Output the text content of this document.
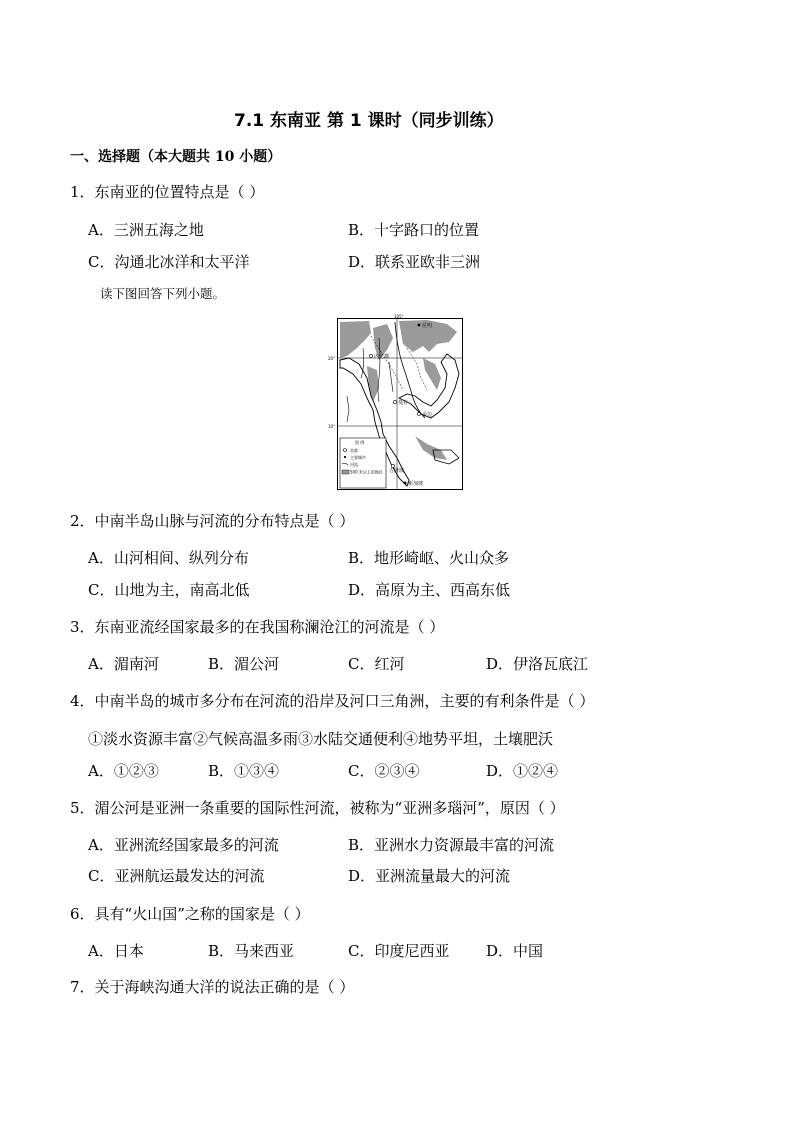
7.1 东南亚 第 1 课时（同步训练）
一、选择题（本大题共 10 小题）
1．东南亚的位置特点是（ ）
A．三洲五海之地	B．十字路口的位置
C．沟通北冰洋和太平洋	D．联系亚欧非三洲
读下图回答下列小题。
105°
20°
10°
昆明
内比都
曼谷
金边
吉隆坡
新加坡
图 例
首都
主要城市
河流
500 米以上的地区
2．中南半岛山脉与河流的分布特点是（ ）
A．山河相间、纵列分布	B．地形崎岖、火山众多
C．山地为主，南高北低	D．高原为主、西高东低
3．东南亚流经国家最多的在我国称澜沧江的河流是（ ）
A．湄南河	B．湄公河	C．红河	D．伊洛瓦底江
4．中南半岛的城市多分布在河流的沿岸及河口三角洲，主要的有利条件是（ ）
①淡水资源丰富②气候高温多雨③水陆交通便利④地势平坦，土壤肥沃
A．①②③	B．①③④	C．②③④	D．①②④
5．湄公河是亚洲一条重要的国际性河流，被称为“亚洲多瑙河”，原因（ ）
A．亚洲流经国家最多的河流	B．亚洲水力资源最丰富的河流
C．亚洲航运最发达的河流	D．亚洲流量最大的河流
6．具有“火山国”之称的国家是（ ）
A．日本	B．马来西亚	C．印度尼西亚 D．中国
7．关于海峡沟通大洋的说法正确的是（ ）
